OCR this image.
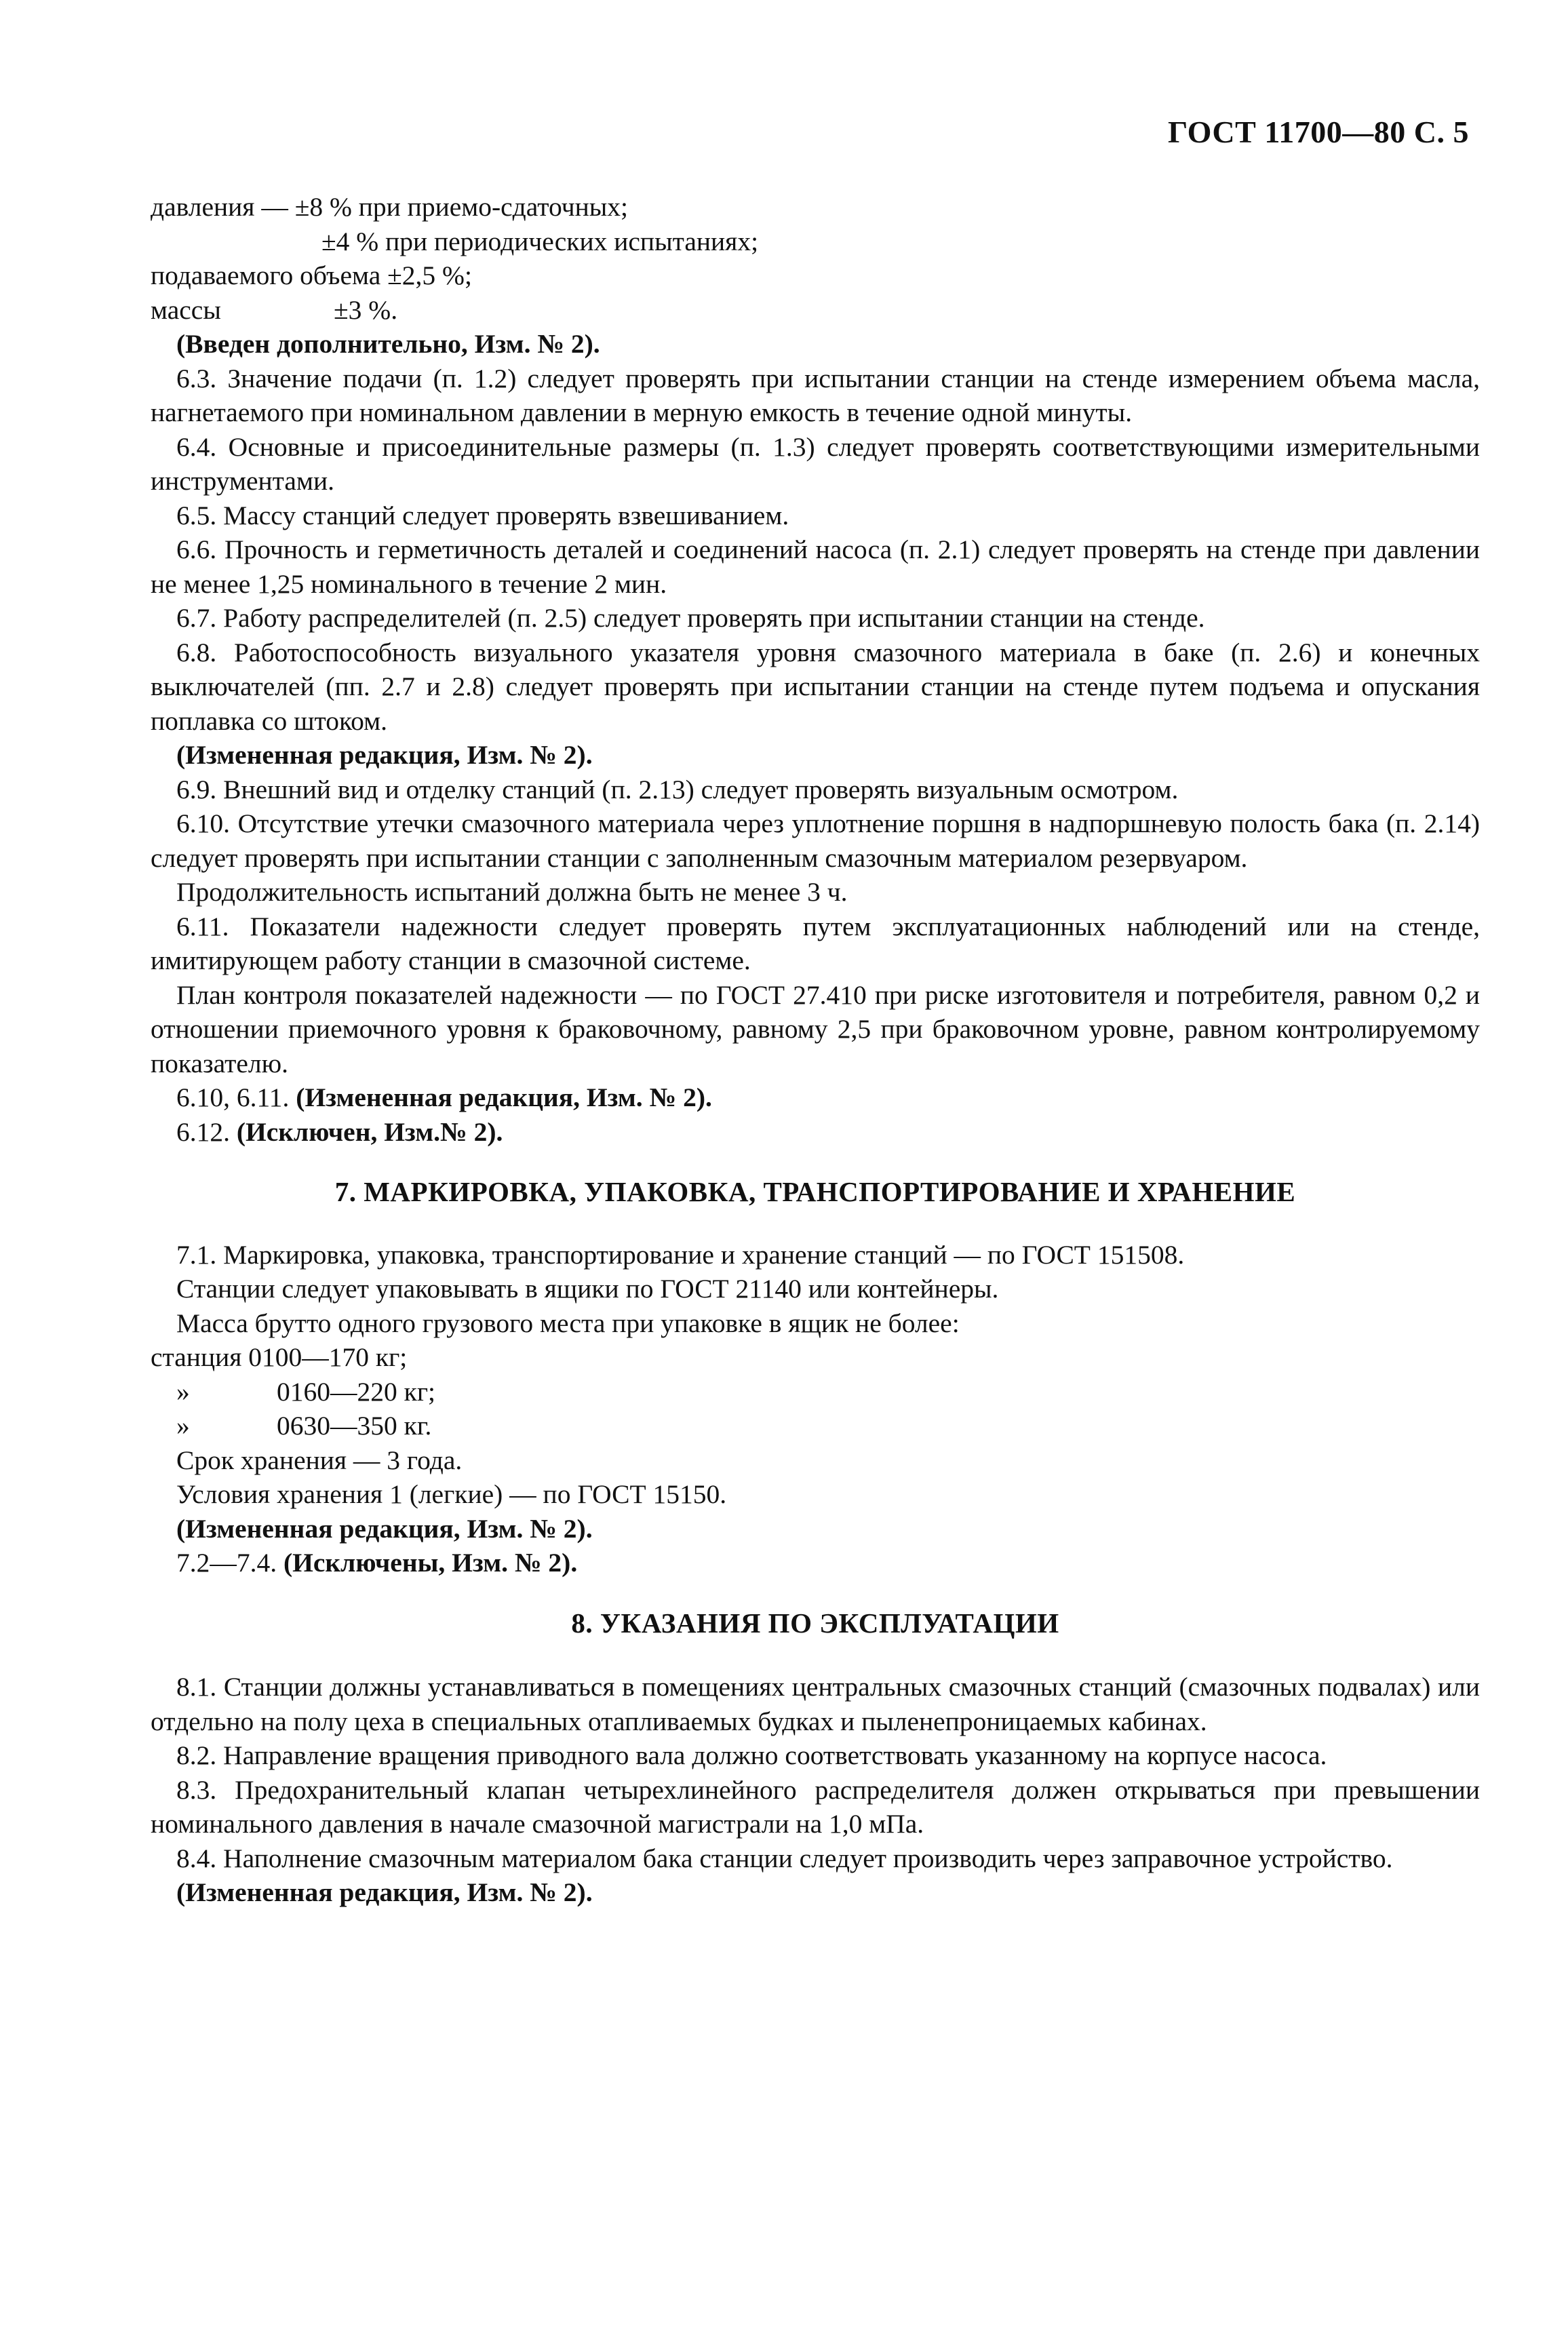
ГОСТ 11700—80 С. 5

давления — ±8 % при приемо-сдаточных;

±4 % при периодических испытаниях;

подаваемого объема ±2,5 %;

массы	±3 %.

(Введен дополнительно, Изм. № 2).

6.3. Значение подачи (п. 1.2) следует проверять при испытании станции на стенде измерением объема масла, нагнетаемого при номинальном давлении в мерную емкость в течение одной минуты.

6.4. Основные и присоединительные размеры (п. 1.3) следует проверять соответствующими измерительными инструментами.

6.5. Массу станций следует проверять взвешиванием.

6.6. Прочность и герметичность деталей и соединений насоса (п. 2.1) следует проверять на стенде при давлении не менее 1,25 номинального в течение 2 мин.

6.7. Работу распределителей (п. 2.5) следует проверять при испытании станции на стенде.

6.8. Работоспособность визуального указателя уровня смазочного материала в баке (п. 2.6) и конечных выключателей (пп. 2.7 и 2.8) следует проверять при испытании станции на стенде путем подъема и опускания поплавка со штоком.

(Измененная редакция, Изм. № 2).

6.9. Внешний вид и отделку станций (п. 2.13) следует проверять визуальным осмотром.

6.10. Отсутствие утечки смазочного материала через уплотнение поршня в надпоршневую полость бака (п. 2.14) следует проверять при испытании станции с заполненным смазочным материалом резервуаром.

Продолжительность испытаний должна быть не менее 3 ч.

6.11. Показатели надежности следует проверять путем эксплуатационных наблюдений или на стенде, имитирующем работу станции в смазочной системе.

План контроля показателей надежности — по ГОСТ 27.410 при риске изготовителя и потребителя, равном 0,2 и отношении приемочного уровня к браковочному, равному 2,5 при браковочном уровне, равном контролируемому показателю.

6.10, 6.11. (Измененная редакция, Изм. № 2).

6.12. (Исключен, Изм.№ 2).

7. МАРКИРОВКА, УПАКОВКА, ТРАНСПОРТИРОВАНИЕ И ХРАНЕНИЕ

7.1. Маркировка, упаковка, транспортирование и хранение станций — по ГОСТ 151508.

Станции следует упаковывать в ящики по ГОСТ 21140 или контейнеры.

Масса брутто одного грузового места при упаковке в ящик не более:

станция 0100—170 кг;

»	0160—220 кг;

»	0630—350 кг.

Срок хранения — 3 года.

Условия хранения 1 (легкие) — по ГОСТ 15150.

(Измененная редакция, Изм. № 2).

7.2—7.4. (Исключены, Изм. № 2).

8. УКАЗАНИЯ ПО ЭКСПЛУАТАЦИИ

8.1. Станции должны устанавливаться в помещениях центральных смазочных станций (смазочных подвалах) или отдельно на полу цеха в специальных отапливаемых будках и пыленепроницаемых кабинах.

8.2. Направление вращения приводного вала должно соответствовать указанному на корпусе насоса.

8.3. Предохранительный клапан четырехлинейного распределителя должен открываться при превышении номинального давления в начале смазочной магистрали на 1,0 мПа.

8.4. Наполнение смазочным материалом бака станции следует производить через заправочное устройство.

(Измененная редакция, Изм. № 2).
